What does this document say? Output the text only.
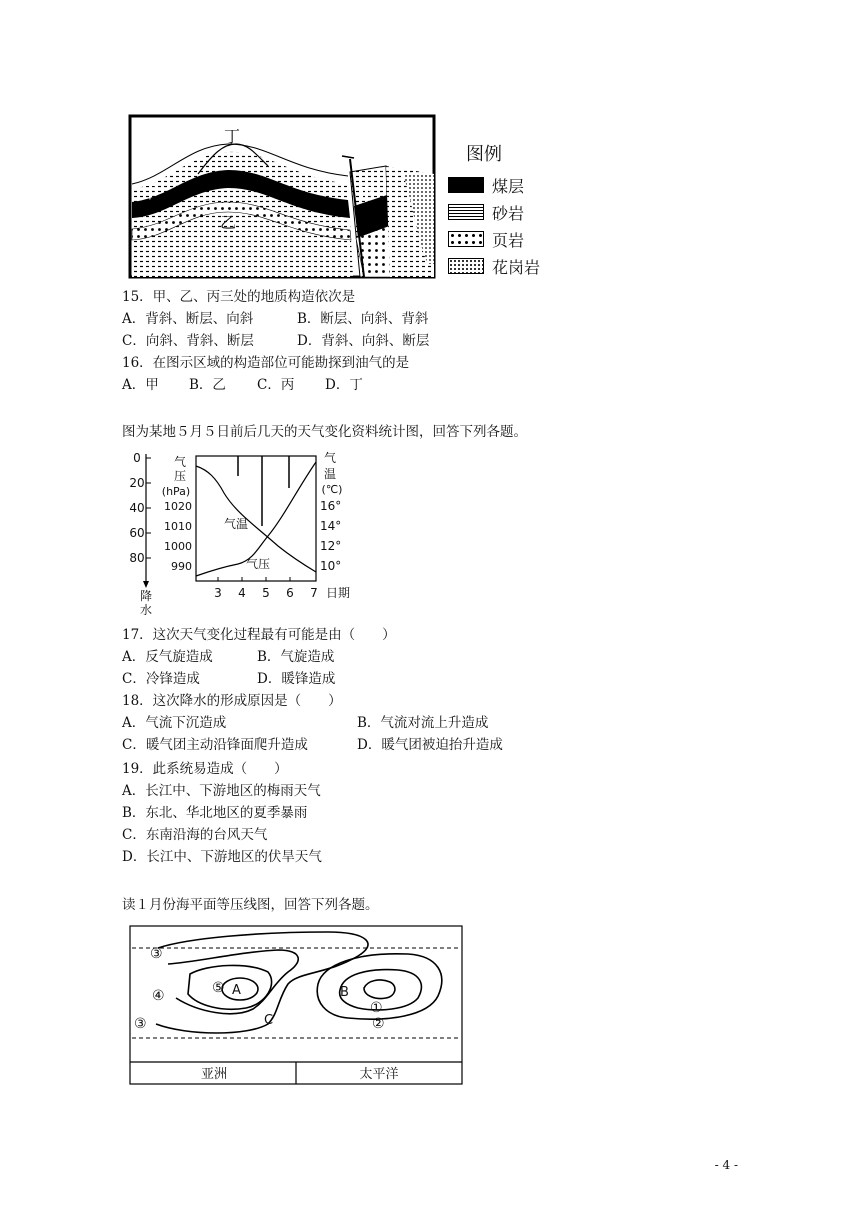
丁
甲
乙
丙
图例
煤层
砂岩
页岩
花岗岩
15．甲、乙、丙三处的地质构造依次是
A．背斜、断层、向斜	B．断层、向斜、背斜
C．向斜、背斜、断层	D．背斜、向斜、断层
16．在图示区域的构造部位可能勘探到油气的是
A．甲 B．乙 C．丙 D．丁
图为某地５月５日前后几天的天气变化资料统计图，回答下列各题。
0
20
40
60
80
降
水
气
压
(hPa)
1020
1010
1000
990
3 4 5 6 7 日期
气温
气压
气
温
(℃)
16°
14°
12°
10°
17．这次天气变化过程最有可能是由（　　）
A．反气旋造成	B．气旋造成
C．冷锋造成	D．暖锋造成
18．这次降水的形成原因是（　　）
A．气流下沉造成	B．气流对流上升造成
C．暖气团主动沿锋面爬升造成	D．暖气团被迫抬升造成
19．此系统易造成（　　）
A．长江中、下游地区的梅雨天气
B．东北、华北地区的夏季暴雨
C．东南沿海的台风天气
D．长江中、下游地区的伏旱天气
读１月份海平面等压线图，回答下列各题。
③
④	⑤
③
①
②
A	B
C
亚洲	太平洋
- 4 -
